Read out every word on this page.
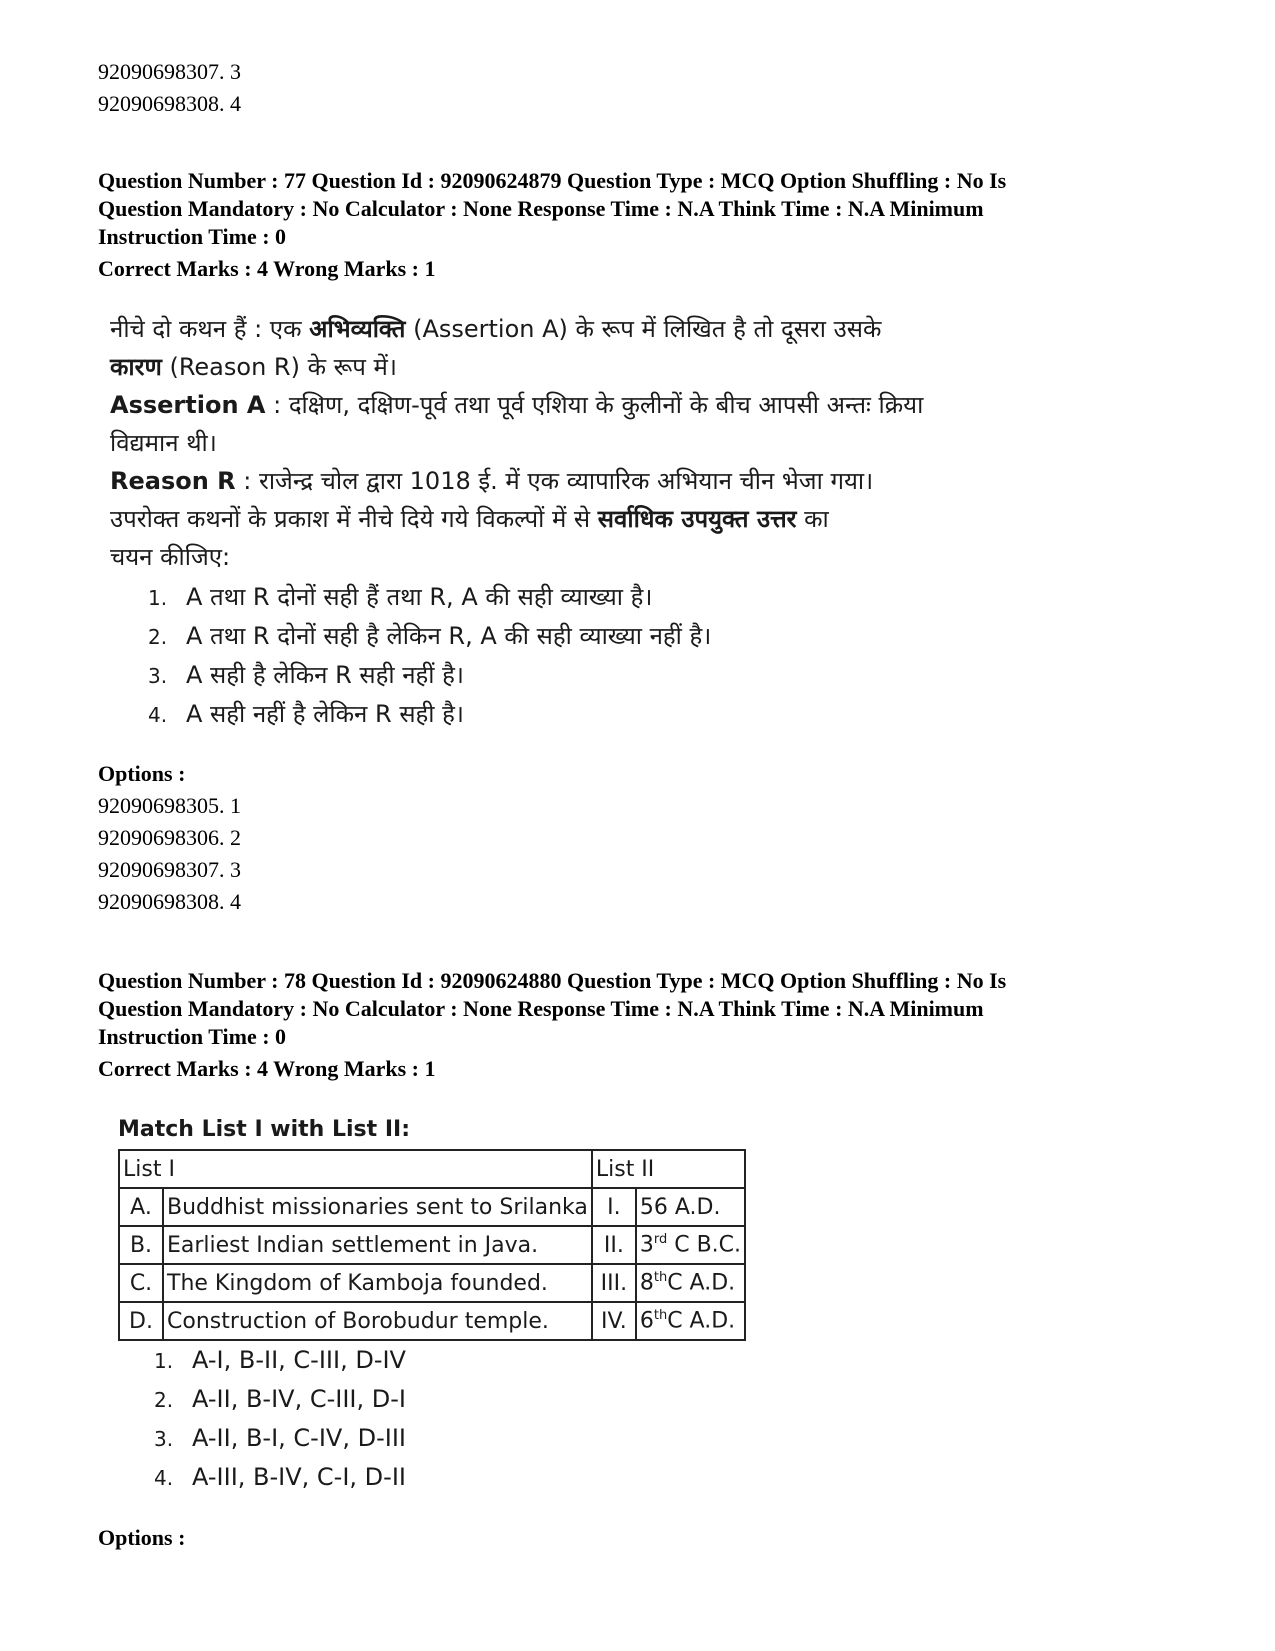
92090698307. 3
92090698308. 4
Question Number : 77 Question Id : 92090624879 Question Type : MCQ Option Shuffling : No Is
Question Mandatory : No Calculator : None Response Time : N.A Think Time : N.A Minimum
Instruction Time : 0
Correct Marks : 4 Wrong Marks : 1
नीचे दो कथन हैं : एक अभिव्यक्ति (Assertion A) के रूप में लिखित है तो दूसरा उसके
कारण (Reason R) के रूप में।
Assertion A : दक्षिण, दक्षिण-पूर्व तथा पूर्व एशिया के कुलीनों के बीच आपसी अन्तः क्रिया
विद्यमान थी।
Reason R : राजेन्द्र चोल द्वारा 1018 ई. में एक व्यापारिक अभियान चीन भेजा गया।
उपरोक्त कथनों के प्रकाश में नीचे दिये गये विकल्पों में से सर्वाधिक उपयुक्त उत्तर का
चयन कीजिए:
1. A तथा R दोनों सही हैं तथा R, A की सही व्याख्या है।
2. A तथा R दोनों सही है लेकिन R, A की सही व्याख्या नहीं है।
3. A सही है लेकिन R सही नहीं है।
4. A सही नहीं है लेकिन R सही है।
Options :
92090698305. 1
92090698306. 2
92090698307. 3
92090698308. 4
Question Number : 78 Question Id : 92090624880 Question Type : MCQ Option Shuffling : No Is
Question Mandatory : No Calculator : None Response Time : N.A Think Time : N.A Minimum
Instruction Time : 0
Correct Marks : 4 Wrong Marks : 1
Match List I with List II:
List I		List II	
A.	Buddhist missionaries sent to Srilanka	I.	56 A.D.
B.	Earliest Indian settlement in Java.	II.	3rd C B.C.
C.	The Kingdom of Kamboja founded.	III.	8thC A.D.
D.	Construction of Borobudur temple.	IV.	6thC A.D.
1. A-I, B-II, C-III, D-IV
2. A-II, B-IV, C-III, D-I
3. A-II, B-I, C-IV, D-III
4. A-III, B-IV, C-I, D-II
Options :
